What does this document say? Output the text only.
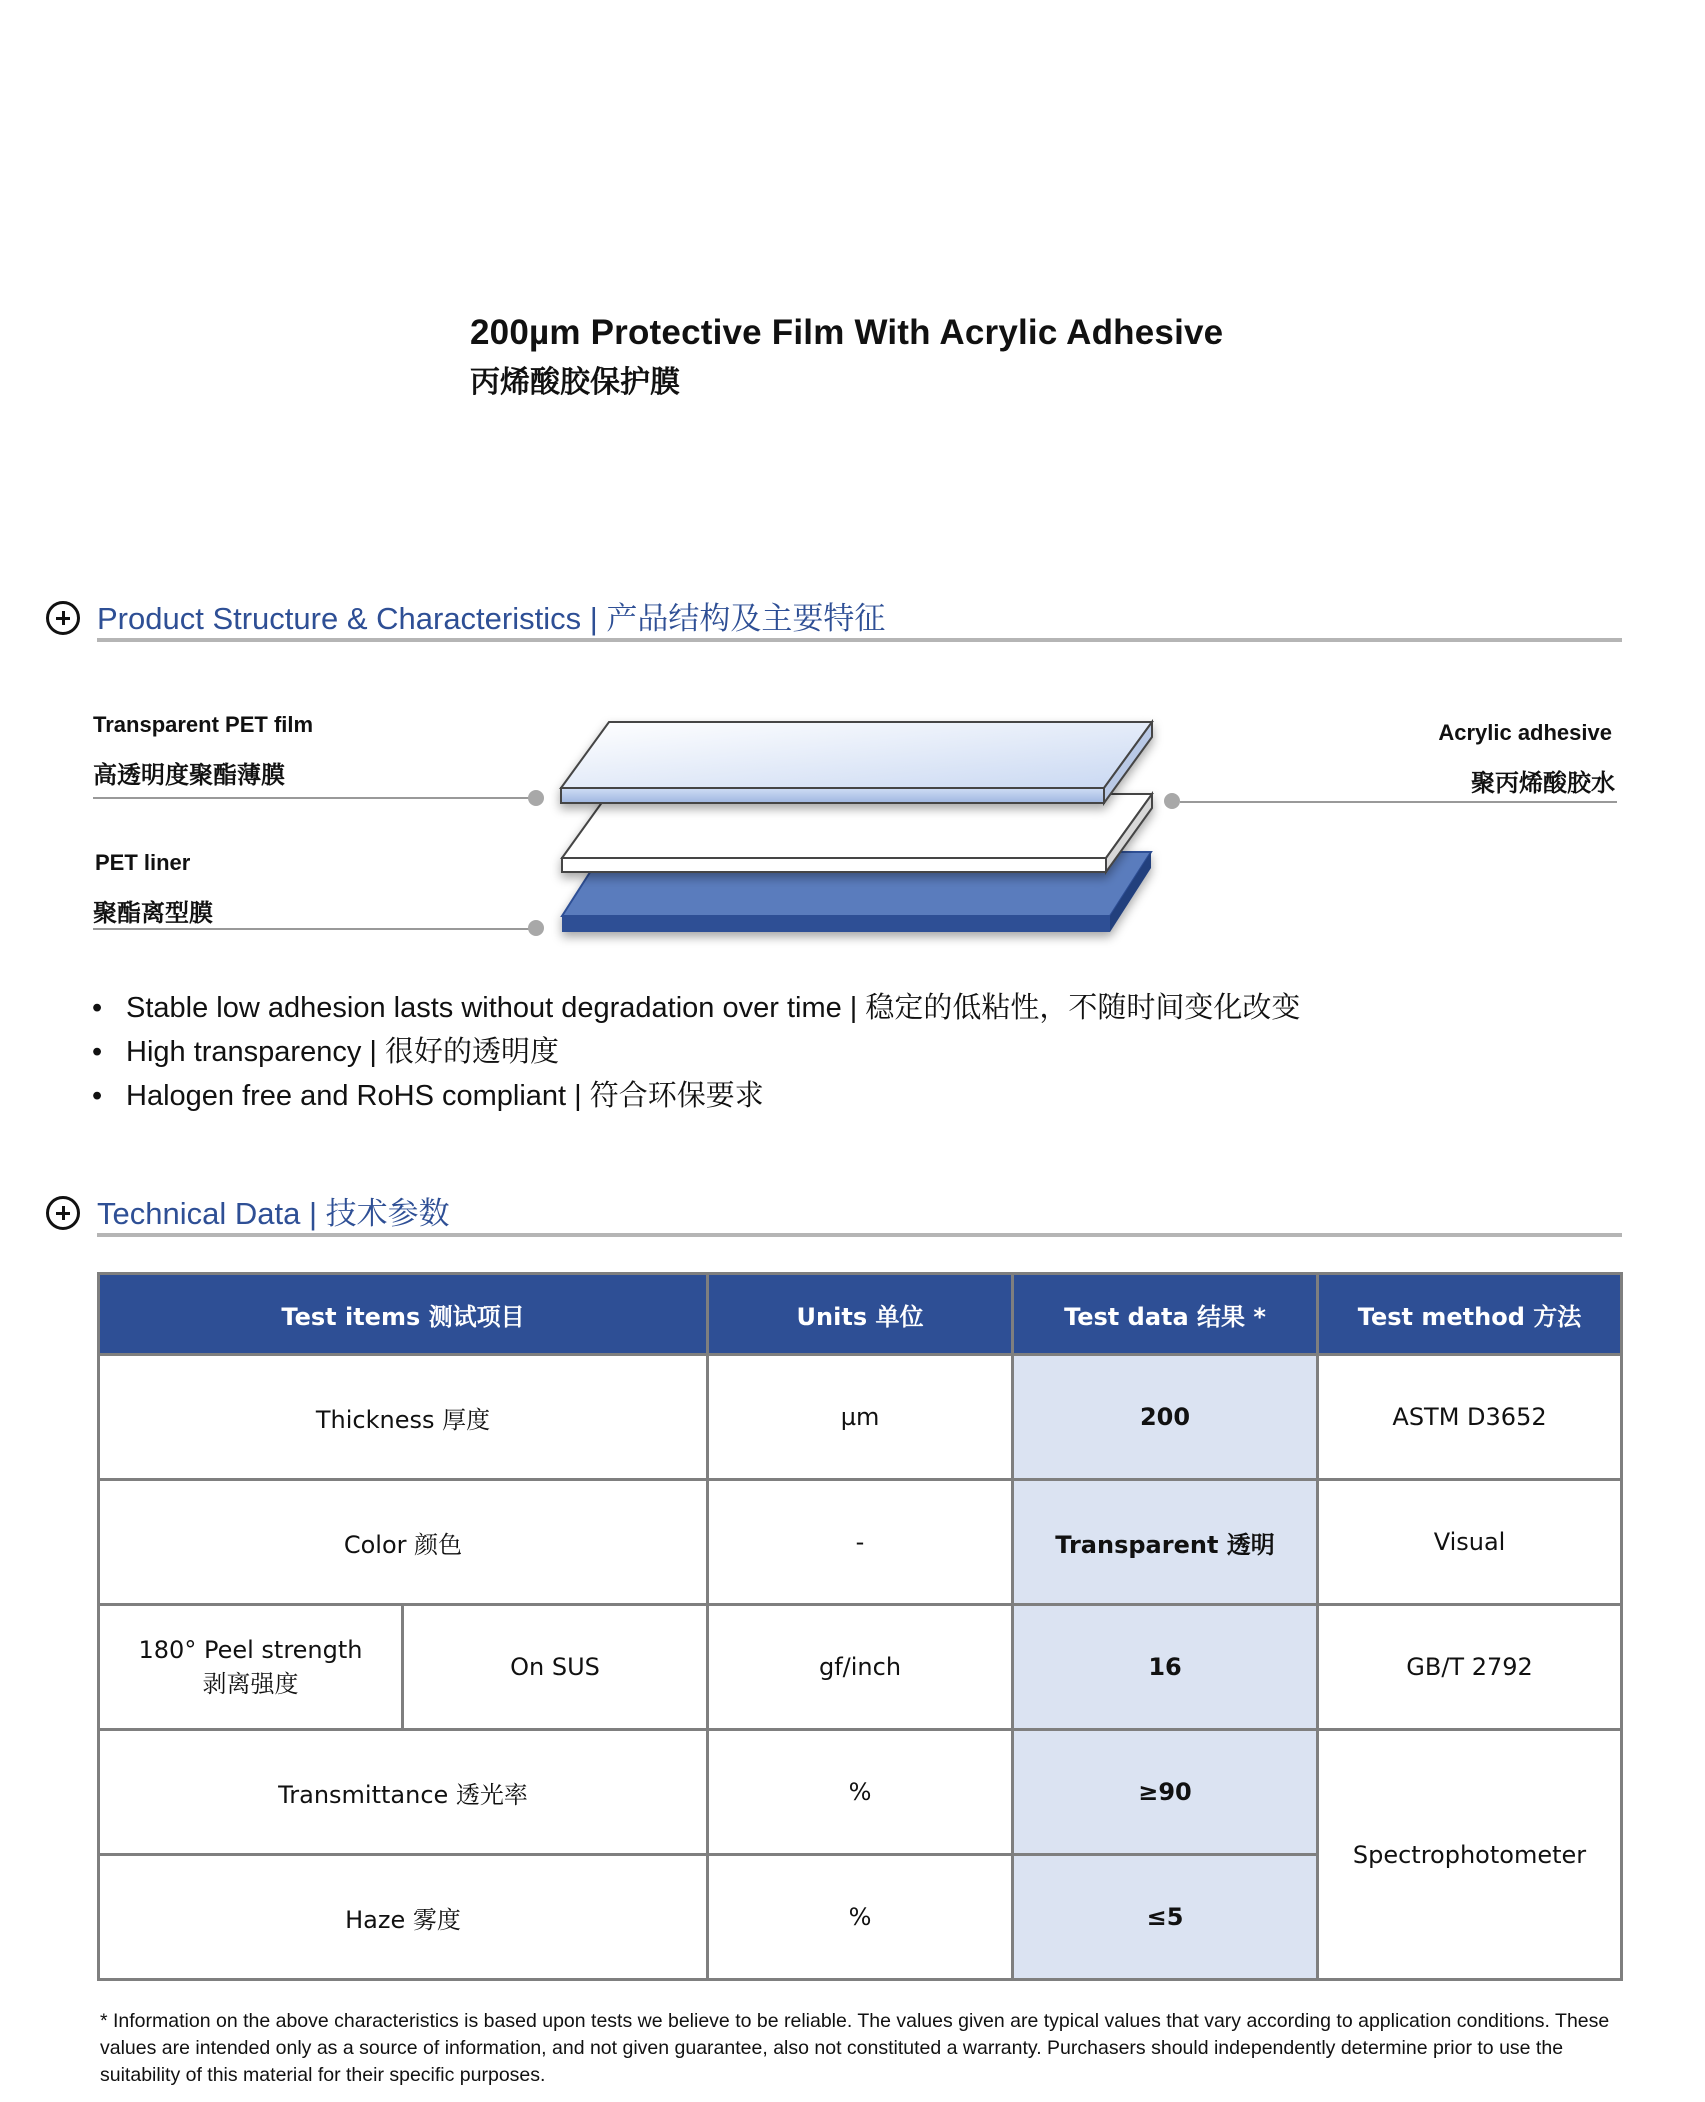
200µm Protective Film With Acrylic Adhesive
丙烯酸胶保护膜
Product Structure & Characteristics | 产品结构及主要特征
Transparent PET film
高透明度聚酯薄膜
PET liner
聚酯离型膜
Acrylic adhesive
聚丙烯酸胶水
• Stable low adhesion lasts without degradation over time | 稳定的低粘性，不随时间变化改变
• High transparency | 很好的透明度
• Halogen free and RoHS compliant | 符合环保要求
Technical Data | 技术参数
Test items 测试项目		Units 单位	Test data 结果 *	Test method 方法
Thickness 厚度		µm	200	ASTM D3652
Color 颜色		-	Transparent 透明	Visual

180° Peel strength
剥离强度	On SUS	gf/inch	16	GB/T 2792
Transmittance 透光率		%	≥90	Spectrophotometer
Haze 雾度		%	≤5	
* Information on the above characteristics is based upon tests we believe to be reliable. The values given are typical values that vary according to application conditions. These values are intended only as a source of information, and not given guarantee, also not constituted a warranty. Purchasers should independently determine prior to use the suitability of this material for their specific purposes.
